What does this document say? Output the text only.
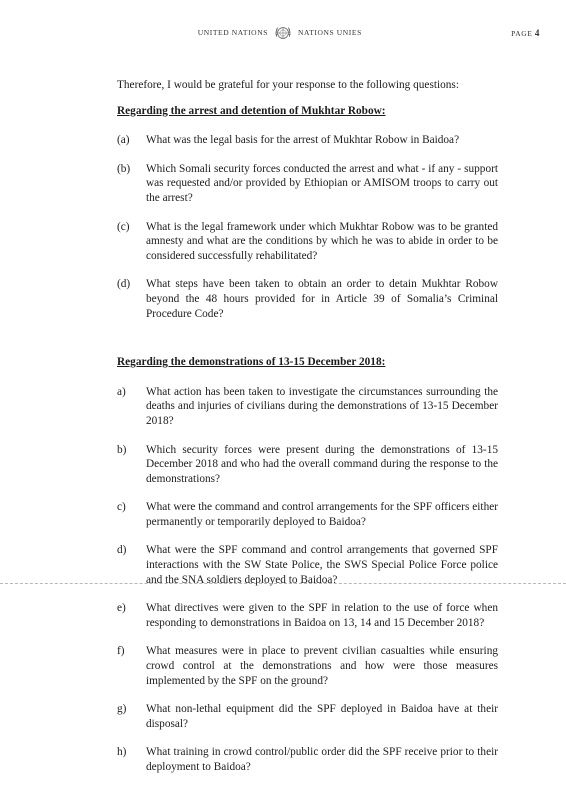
UNITED NATIONS	NATIONS UNIES	PAGE 4

Therefore, I would be grateful for your response to the following questions:

Regarding the arrest and detention of Mukhtar Robow:
(a)	What was the legal basis for the arrest of Mukhtar Robow in Baidoa?
(b)	Which Somali security forces conducted the arrest and what - if any - support was requested and/or provided by Ethiopian or AMISOM troops to carry out the arrest?
(c)	What is the legal framework under which Mukhtar Robow was to be granted amnesty and what are the conditions by which he was to abide in order to be considered successfully rehabilitated?
(d)	What steps have been taken to obtain an order to detain Mukhtar Robow beyond the 48 hours provided for in Article 39 of Somalia’s Criminal Procedure Code?
Regarding the demonstrations of 13-15 December 2018:
a)	What action has been taken to investigate the circumstances surrounding the deaths and injuries of civilians during the demonstrations of 13-15 December 2018?
b)	Which security forces were present during the demonstrations of 13-15 December 2018 and who had the overall command during the response to the demonstrations?
c)	What were the command and control arrangements for the SPF officers either permanently or temporarily deployed to Baidoa?
d)	What were the SPF command and control arrangements that governed SPF interactions with the SW State Police, the SWS Special Police Force police and the SNA soldiers deployed to Baidoa?
e)	What directives were given to the SPF in relation to the use of force when responding to demonstrations in Baidoa on 13, 14 and 15 December 2018?
f)	What measures were in place to prevent civilian casualties while ensuring crowd control at the demonstrations and how were those measures implemented by the SPF on the ground?
g)	What non-lethal equipment did the SPF deployed in Baidoa have at their disposal?
h)	What training in crowd control/public order did the SPF receive prior to their deployment to Baidoa?
